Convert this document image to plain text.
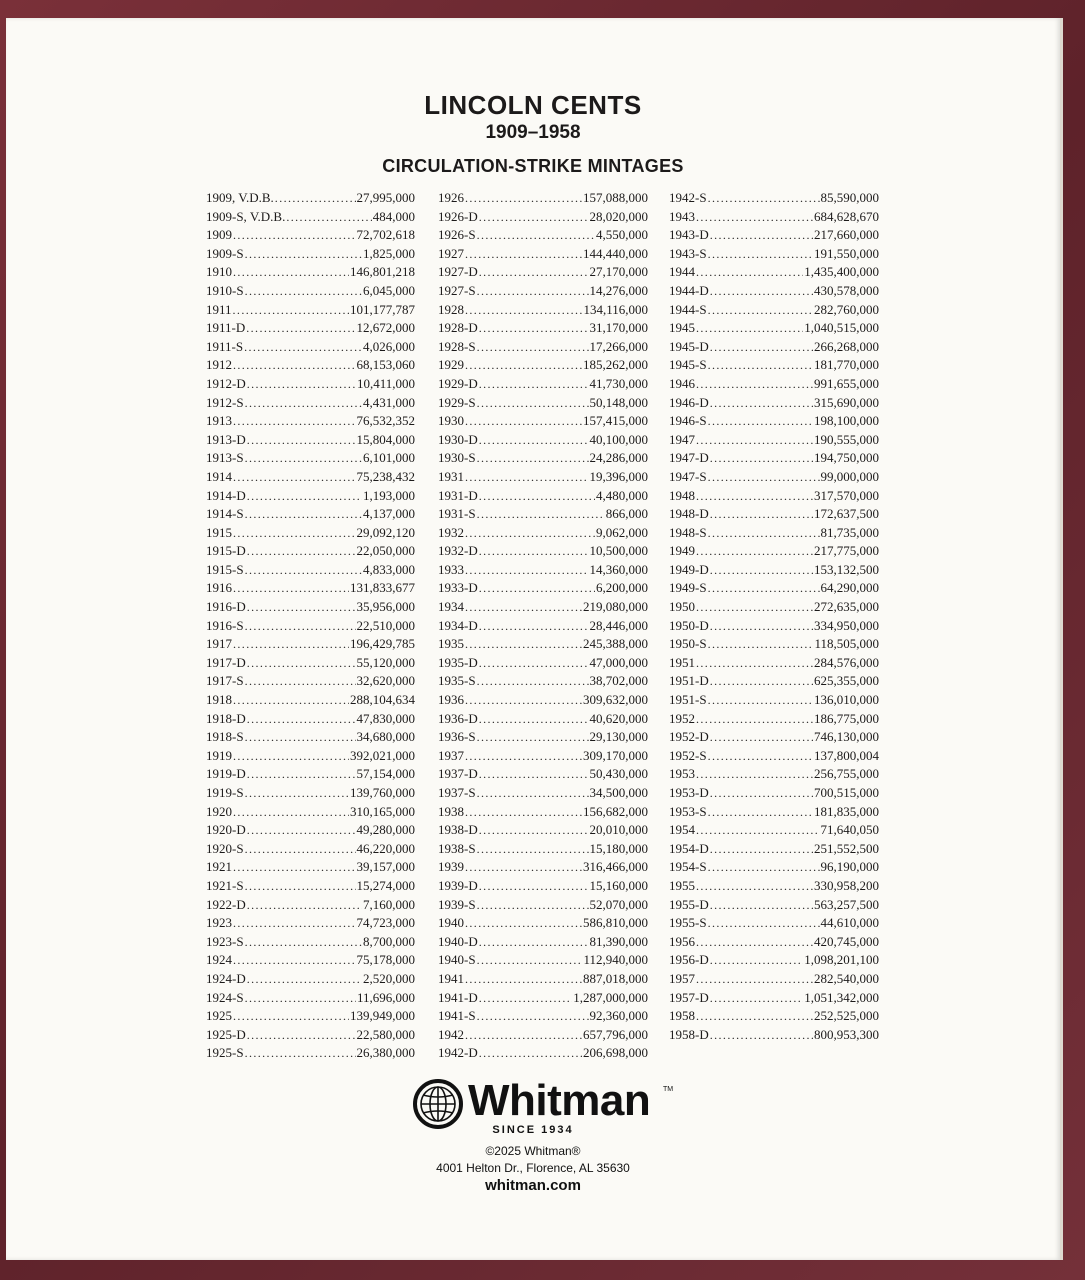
LINCOLN CENTS
1909–1958
CIRCULATION-STRIKE MINTAGES
1909, V.D.B. .....	27,995,000
1909-S, V.D.B. .....	484,000
1909 .....	72,702,618
1909-S .....	1,825,000
1910 .....	146,801,218
1910-S .....	6,045,000
1911 .....	101,177,787
1911-D .....	12,672,000
1911-S .....	4,026,000
1912 .....	68,153,060
1912-D .....	10,411,000
1912-S .....	4,431,000
1913 .....	76,532,352
1913-D .....	15,804,000
1913-S .....	6,101,000
1914 .....	75,238,432
1914-D .....	1,193,000
1914-S .....	4,137,000
1915 .....	29,092,120
1915-D .....	22,050,000
1915-S .....	4,833,000
1916 .....	131,833,677
1916-D .....	35,956,000
1916-S .....	22,510,000
1917 .....	196,429,785
1917-D .....	55,120,000
1917-S .....	32,620,000
1918 .....	288,104,634
1918-D .....	47,830,000
1918-S .....	34,680,000
1919 .....	392,021,000
1919-D .....	57,154,000
1919-S .....	139,760,000
1920 .....	310,165,000
1920-D .....	49,280,000
1920-S .....	46,220,000
1921 .....	39,157,000
1921-S .....	15,274,000
1922-D .....	7,160,000
1923 .....	74,723,000
1923-S .....	8,700,000
1924 .....	75,178,000
1924-D .....	2,520,000
1924-S .....	11,696,000
1925 .....	139,949,000
1925-D .....	22,580,000
1925-S .....	26,380,000
1926 .....	157,088,000
1926-D .....	28,020,000
1926-S .....	4,550,000
1927 .....	144,440,000
1927-D .....	27,170,000
1927-S .....	14,276,000
1928 .....	134,116,000
1928-D .....	31,170,000
1928-S .....	17,266,000
1929 .....	185,262,000
1929-D .....	41,730,000
1929-S .....	50,148,000
1930 .....	157,415,000
1930-D .....	40,100,000
1930-S .....	24,286,000
1931 .....	19,396,000
1931-D .....	4,480,000
1931-S .....	866,000
1932 .....	9,062,000
1932-D .....	10,500,000
1933 .....	14,360,000
1933-D .....	6,200,000
1934 .....	219,080,000
1934-D .....	28,446,000
1935 .....	245,388,000
1935-D .....	47,000,000
1935-S .....	38,702,000
1936 .....	309,632,000
1936-D .....	40,620,000
1936-S .....	29,130,000
1937 .....	309,170,000
1937-D .....	50,430,000
1937-S .....	34,500,000
1938 .....	156,682,000
1938-D .....	20,010,000
1938-S .....	15,180,000
1939 .....	316,466,000
1939-D .....	15,160,000
1939-S .....	52,070,000
1940 .....	586,810,000
1940-D .....	81,390,000
1940-S .....	112,940,000
1941 .....	887,018,000
1941-D .....	1,287,000,000
1941-S .....	92,360,000
1942 .....	657,796,000
1942-D .....	206,698,000
1942-S .....	85,590,000
1943 .....	684,628,670
1943-D .....	217,660,000
1943-S .....	191,550,000
1944 .....	1,435,400,000
1944-D .....	430,578,000
1944-S .....	282,760,000
1945 .....	1,040,515,000
1945-D .....	266,268,000
1945-S .....	181,770,000
1946 .....	991,655,000
1946-D .....	315,690,000
1946-S .....	198,100,000
1947 .....	190,555,000
1947-D .....	194,750,000
1947-S .....	99,000,000
1948 .....	317,570,000
1948-D .....	172,637,500
1948-S .....	81,735,000
1949 .....	217,775,000
1949-D .....	153,132,500
1949-S .....	64,290,000
1950 .....	272,635,000
1950-D .....	334,950,000
1950-S .....	118,505,000
1951 .....	284,576,000
1951-D .....	625,355,000
1951-S .....	136,010,000
1952 .....	186,775,000
1952-D .....	746,130,000
1952-S .....	137,800,004
1953 .....	256,755,000
1953-D .....	700,515,000
1953-S .....	181,835,000
1954 .....	71,640,050
1954-D .....	251,552,500
1954-S .....	96,190,000
1955 .....	330,958,200
1955-D .....	563,257,500
1955-S .....	44,610,000
1956 .....	420,745,000
1956-D .....	1,098,201,100
1957 .....	282,540,000
1957-D .....	1,051,342,000
1958 .....	252,525,000
1958-D .....	800,953,300
Whitman TM
SINCE 1934
©2025 Whitman®
4001 Helton Dr., Florence, AL 35630
whitman.com
